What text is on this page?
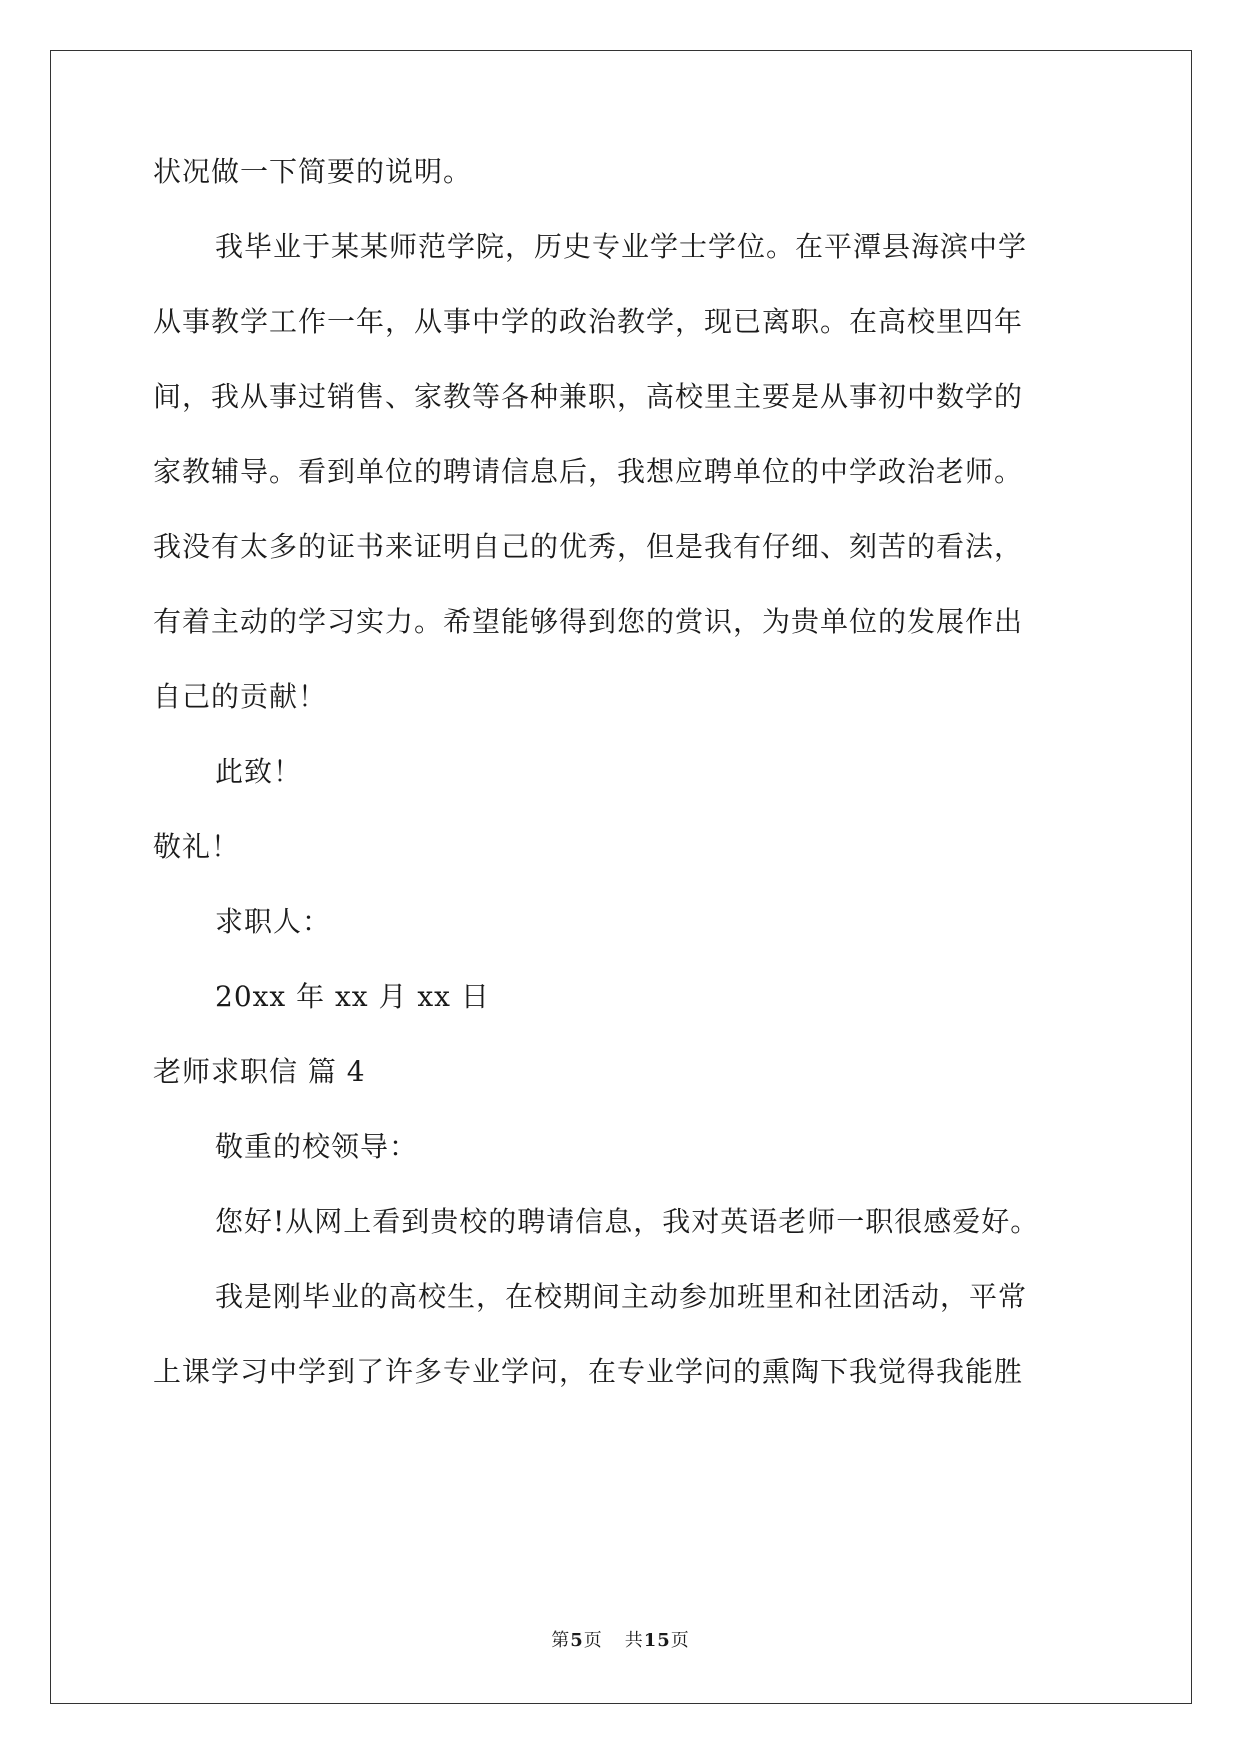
状况做一下简要的说明。
我毕业于某某师范学院，历史专业学士学位。在平潭县海滨中学
从事教学工作一年，从事中学的政治教学，现已离职。在高校里四年
间，我从事过销售、家教等各种兼职，高校里主要是从事初中数学的
家教辅导。看到单位的聘请信息后，我想应聘单位的中学政治老师。
我没有太多的证书来证明自己的优秀，但是我有仔细、刻苦的看法，
有着主动的学习实力。希望能够得到您的赏识，为贵单位的发展作出
自己的贡献！
此致！
敬礼！
求职人：
20xx 年 xx 月 xx 日
老师求职信 篇 4
敬重的校领导：
您好!从网上看到贵校的聘请信息，我对英语老师一职很感爱好。
我是刚毕业的高校生，在校期间主动参加班里和社团活动，平常
上课学习中学到了许多专业学问，在专业学问的熏陶下我觉得我能胜
第5页 共15页
